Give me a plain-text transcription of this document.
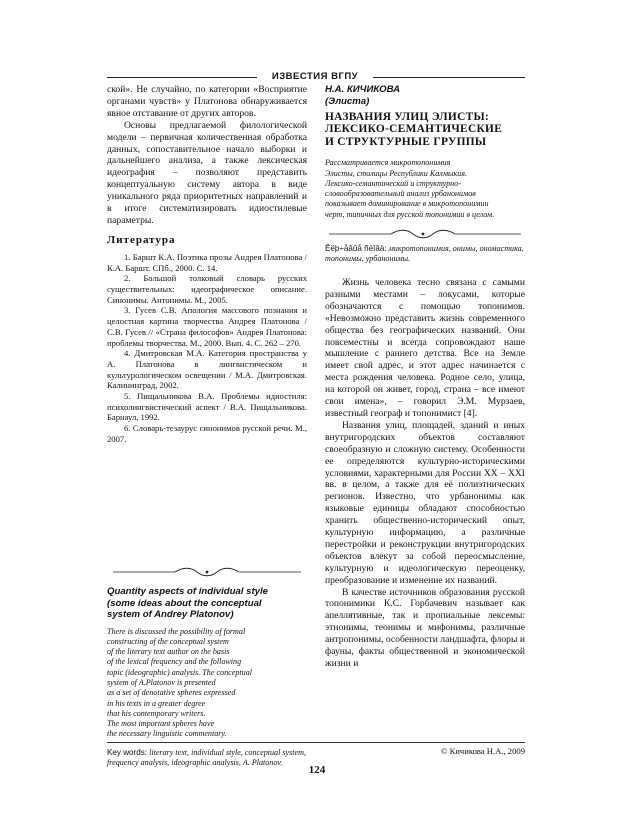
ИЗВЕСТИЯ ВГПУ

ской». Не случайно, по категории «Восприятие органами чувств» у Платонова обнаруживается явное отставание от других авторов.

Основы предлагаемой филологической модели – первичная количественная обработка данных, сопоставительное начало выборки и дальнейшего анализа, а также лексическая идеография – позволяют представить концептуальную систему автора в виде уникального ряда приоритетных направлений и в итоге систематизировать идиостилевые параметры.

Литература

1. Баршт К.А. Поэтика прозы Андрея Платонова / К.А. Баршт. СПб., 2000. С. 14.

2. Большой толковый словарь русских существительных: идеографическое описание. Синонимы. Антонимы. М., 2005.

3. Гусев С.В. Апология массового познания и целостная картина творчества Андрея Платонова / С.В. Гусев // «Страна философов» Андрея Платонова: проблемы творчества. М., 2000. Вып. 4. С. 262 – 270.

4. Дмитровская М.А. Категория пространства у А. Платонова в лингвистическом и культурологическом освещении / М.А. Дмитровская. Калининград, 2002.

5. Пищальникова В.А. Проблемы идиостиля: психолингвистический аспект / В.А. Пищальникова. Барнаул, 1992.

6. Словарь-тезаурус синонимов русской речи. М., 2007.

Quantity aspects of individual style
(some ideas about the conceptual
system of Andrey Platonov)
There is discussed the possibility of formal
constructing of the conceptual system
of the literary text author on the basis
of the lexical frequency and the following
topic (ideographic) analysis. The conceptual
system of A.Platonov is presented
as a set of denotative spheres expressed
in his texts in a greater degree
that his contemporary writers.
The most important spheres have
the necessary linguistic commentary.
Key words: literary text, individual style, conceptual system, frequency analysis, ideographic analysis, A. Platonov.
Н.А. КИЧИКОВА
(Элиста)
НАЗВАНИЯ УЛИЦ ЭЛИСТЫ:
ЛЕКСИКО-СЕМАНТИЧЕСКИЕ
И СТРУКТУРНЫЕ ГРУППЫ
Рассматривается микротопонимия
Элисты, столицы Республики Калмыкия.
Лексико-семантический и структурно-
словообразовательный анализ урбанонимов
показывает доминирование в микротопонимии
черт, типичных для русской топонимии в целом.
Êëþ÷åâûå ñëîâà: микротопонимия, онимы, ономастика, топонимы, урбанонимы.

Жизнь человека тесно связана с самыми разными местами – локусами, которые обозначаются с помощью топонимов. «Невозможно представить жизнь современного общества без географических названий. Они повсеместны и всегда сопровождают наше мышление с раннего детства. Все на Земле имеет свой адрес, и этот адрес начинается с места рождения человека. Родное село, улица, на которой он живет, город, страна – все имеют свои имена», – говорил Э.М. Мурзаев, известный географ и топонимист [4].

Названия улиц, площадей, зданий и иных внутригородских объектов составляют своеобразную и сложную систему. Особенности ее определяются культурно-историческими условиями, характерными для России XX – XXI вв. в целом, а также для её полиэтнических регионов. Известно, что урбанонимы как языковые единицы обладают способностью хранить общественно-исторический опыт, культурную информацию, а различные перестройки и реконструкции внутригородских объектов влекут за собой переосмысление, культурную и идеологическую переоценку, преобразование и изменение их названий.

В качестве источников образования русской топонимики К.С. Горбачевич называет как апеллятивные, так и пропиальные лексемы: этнонимы, теонимы и мифонимы, различные антропонимы, особенности ландшафта, флоры и фауны, факты общественной и экономической жизни и

© Кичикова Н.А., 2009
124
